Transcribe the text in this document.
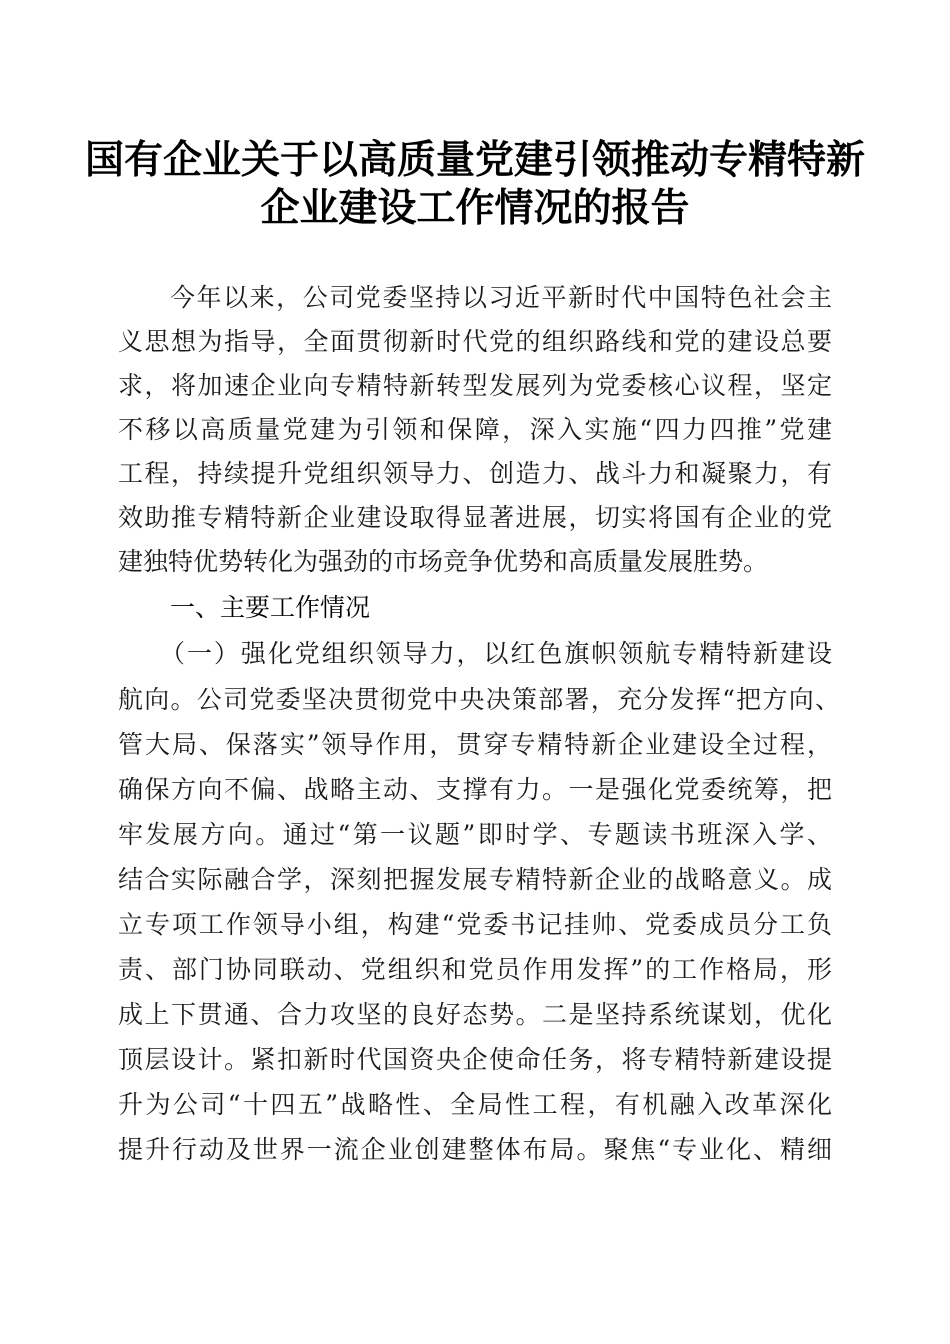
国有企业关于以高质量党建引领推动专精特新
企业建设工作情况的报告
今年以来，公司党委坚持以习近平新时代中国特色社会主
义思想为指导，全面贯彻新时代党的组织路线和党的建设总要
求，将加速企业向专精特新转型发展列为党委核心议程，坚定
不移以高质量党建为引领和保障，深入实施“四力四推”党建
工程，持续提升党组织领导力、创造力、战斗力和凝聚力，有
效助推专精特新企业建设取得显著进展，切实将国有企业的党
建独特优势转化为强劲的市场竞争优势和高质量发展胜势。
一、主要工作情况
（一）强化党组织领导力，以红色旗帜领航专精特新建设
航向。公司党委坚决贯彻党中央决策部署，充分发挥“把方向、
管大局、保落实”领导作用，贯穿专精特新企业建设全过程，
确保方向不偏、战略主动、支撑有力。一是强化党委统筹，把
牢发展方向。通过“第一议题”即时学、专题读书班深入学、
结合实际融合学，深刻把握发展专精特新企业的战略意义。成
立专项工作领导小组，构建“党委书记挂帅、党委成员分工负
责、部门协同联动、党组织和党员作用发挥”的工作格局，形
成上下贯通、合力攻坚的良好态势。二是坚持系统谋划，优化
顶层设计。紧扣新时代国资央企使命任务，将专精特新建设提
升为公司“十四五”战略性、全局性工程，有机融入改革深化
提升行动及世界一流企业创建整体布局。聚焦“专业化、精细
